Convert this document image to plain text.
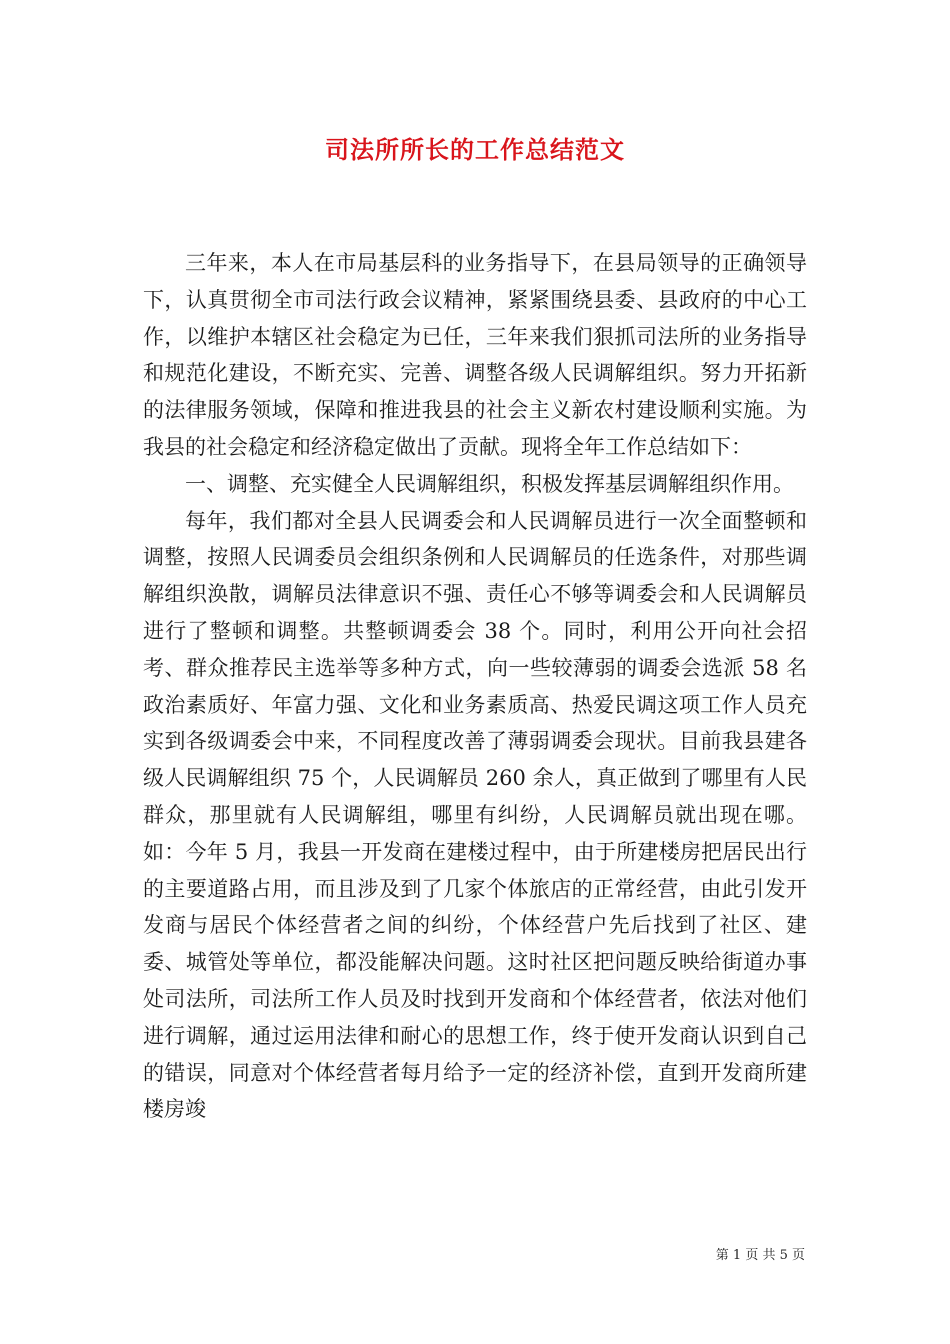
司法所所长的工作总结范文

三年来，本人在市局基层科的业务指导下，在县局领导的正确领导下，认真贯彻全市司法行政会议精神，紧紧围绕县委、县政府的中心工作，以维护本辖区社会稳定为已任，三年来我们狠抓司法所的业务指导和规范化建设，不断充实、完善、调整各级人民调解组织。努力开拓新的法律服务领域，保障和推进我县的社会主义新农村建设顺利实施。为我县的社会稳定和经济稳定做出了贡献。现将全年工作总结如下：

一、调整、充实健全人民调解组织，积极发挥基层调解组织作用。

每年，我们都对全县人民调委会和人民调解员进行一次全面整顿和调整，按照人民调委员会组织条例和人民调解员的任选条件，对那些调解组织涣散，调解员法律意识不强、责任心不够等调委会和人民调解员进行了整顿和调整。共整顿调委会 38 个。同时，利用公开向社会招考、群众推荐民主选举等多种方式，向一些较薄弱的调委会选派 58 名政治素质好、年富力强、文化和业务素质高、热爱民调这项工作人员充实到各级调委会中来，不同程度改善了薄弱调委会现状。目前我县建各级人民调解组织 75 个，人民调解员 260 余人，真正做到了哪里有人民群众，那里就有人民调解组，哪里有纠纷，人民调解员就出现在哪。如：今年 5 月，我县一开发商在建楼过程中，由于所建楼房把居民出行的主要道路占用，而且涉及到了几家个体旅店的正常经营，由此引发开发商与居民个体经营者之间的纠纷，个体经营户先后找到了社区、建委、城管处等单位，都没能解决问题。这时社区把问题反映给街道办事处司法所，司法所工作人员及时找到开发商和个体经营者，依法对他们进行调解，通过运用法律和耐心的思想工作，终于使开发商认识到自己的错误，同意对个体经营者每月给予一定的经济补偿，直到开发商所建楼房竣

第 1 页 共 5 页
